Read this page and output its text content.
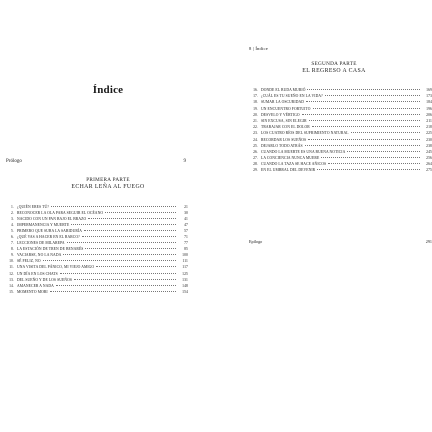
Índice
Prólogo	9
PRIMERA PARTE
ECHAR LEÑA AL FUEGO
1. ¿QUIÉN ERES TÚ?	21
2. RECONOCER LA OLA PARA SEGUIR EL OCÉANO	30
3. NACIDO CON UN PAN BAJO EL BRAZO	41
4. IMPERMANENCIA Y MUERTE	47
5. PRIMERO QUE SUBA LA SABIDURÍA	57
6. ¿QUÉ VAS A HACER EN EL BARCO?	71
7. LECCIONES DE MILAREPA	77
8. LA ESTACIÓN DE TREN DE BENARÉS	85
9. VACIARSE, NO LA NADA	100
10. SÉ FELIZ, NO	111
11. UNA VISITA DEL PÁNICO, MI VIEJO AMIGO	117
12. UN DÍA EN LOS CHATS	125
13. DEL SUEÑO Y DE LOS SUEÑOS	131
14. AMANECER A NADA	148
15. MOMENTO MORI	154
8 | Índice
SEGUNDA PARTE
EL REGRESO A CASA
16. DONDE EL BUDA MURIÓ	169
17. ¿CUÁL ES TU SUEÑO EN LA VIDA?	173
18. SUMAR LA OSCURIDAD	184
19. UN ENCUENTRO FORTUITO	196
20. DESVELO Y VÉRTIGO	206
21. SIN EXCUSA, SIN ELEGIR	211
22. TRABAJAR CON EL DOLOR	218
23. LOS CUATRO RÍOS DEL SUFRIMIENTO NATURAL	225
24. RECORDAR LOS SUEÑOS	230
25. DEJARLO TODO ATRÁS	238
26. CUANDO LA MUERTE ES UNA BUENA NOTICIA	245
27. LA CONCIENCIA NUNCA MUERE	256
28. CUANDO LA TAZA SE HACE AÑICOS	264
29. EN EL UMBRAL DEL DEVENIR	275
Epílogo	291
